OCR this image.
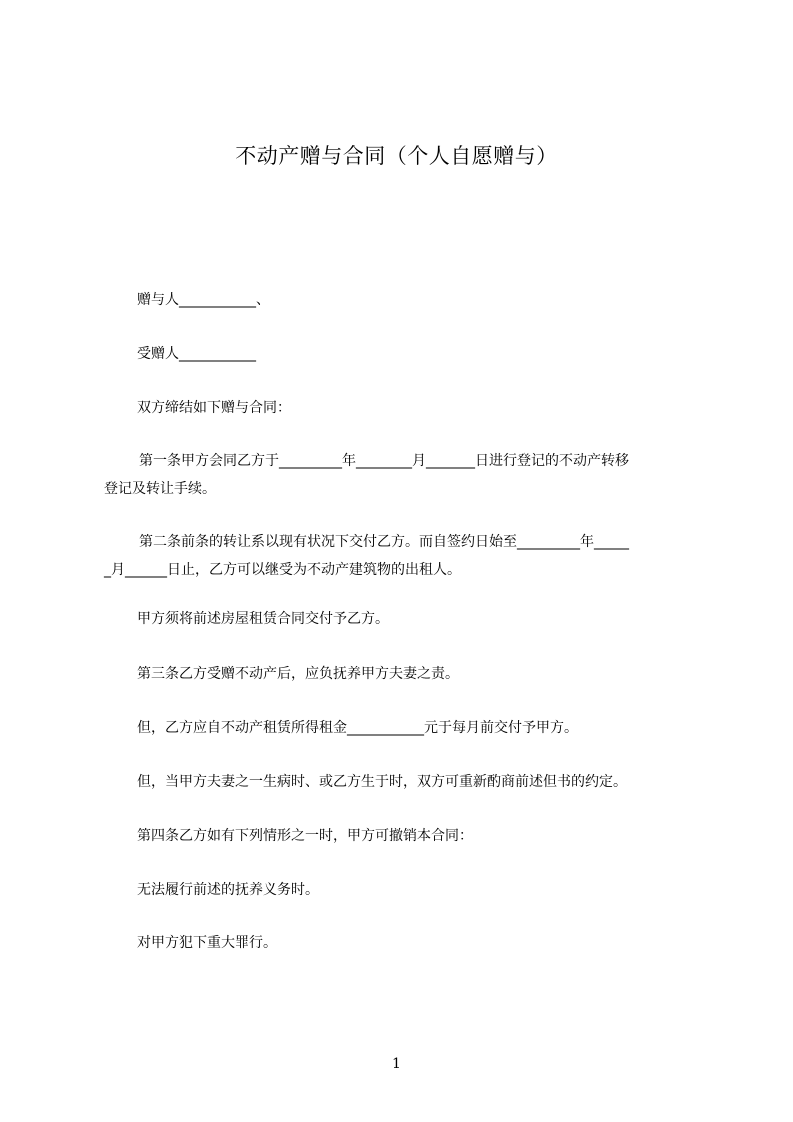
不动产赠与合同（个人自愿赠与）
赠与人___________、
受赠人___________
双方缔结如下赠与合同：
第一条甲方会同乙方于_________年________月_______日进行登记的不动产转移
登记及转让手续。
第二条前条的转让系以现有状况下交付乙方。而自签约日始至_________年_____
_月______日止，乙方可以继受为不动产建筑物的出租人。
甲方须将前述房屋租赁合同交付予乙方。
第三条乙方受赠不动产后，应负抚养甲方夫妻之责。
但，乙方应自不动产租赁所得租金___________元于每月前交付予甲方。
但，当甲方夫妻之一生病时、或乙方生于时，双方可重新酌商前述但书的约定。
第四条乙方如有下列情形之一时，甲方可撤销本合同：
无法履行前述的抚养义务时。
对甲方犯下重大罪行。
1
